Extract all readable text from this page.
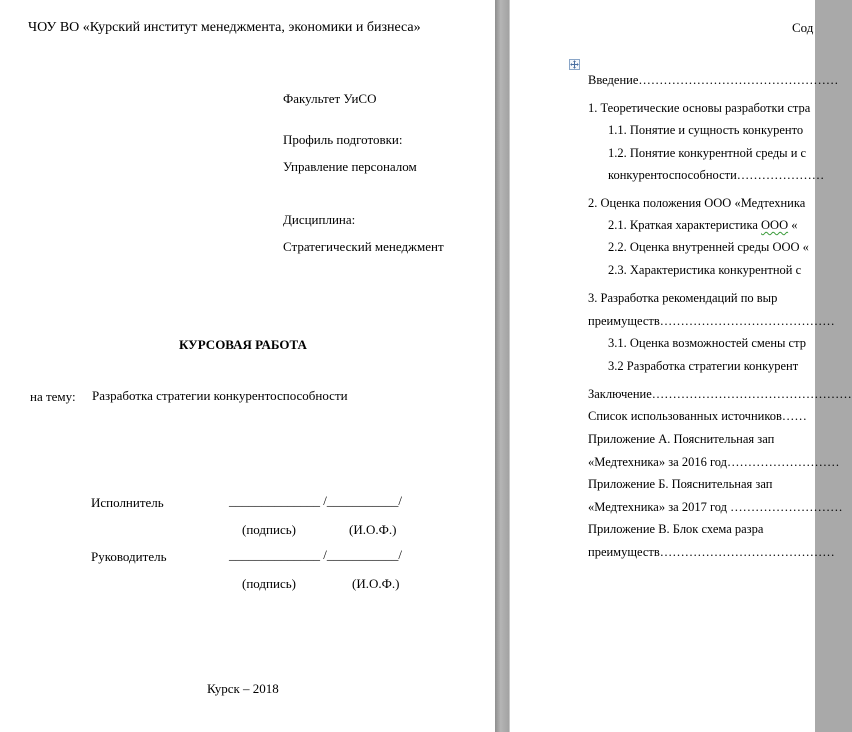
ЧОУ ВО «Курский институт менеджмента, экономики и бизнеса»
Факультет УиСО
Профиль подготовки:
Управление персоналом
Дисциплина:
Стратегический менеджмент
КУРСОВАЯ РАБОТА
на тему: Разработка стратегии конкурентоспособности
Исполнитель	______________ /___________/
(подпись)	(И.О.Ф.)
Руководитель	______________ /___________/
(подпись)	(И.О.Ф.)
Курск – 2018
Сод
Введение…………………………………………
1. Теоретические основы разработки стра
1.1. Понятие и сущность конкуренто
1.2. Понятие конкурентной среды и с
конкурентоспособности…………………
2. Оценка положения ООО «Медтехника
2.1. Краткая характеристика ООО «
2.2. Оценка внутренней среды ООО «
2.3. Характеристика конкурентной с
3. Разработка рекомендаций по выр
преимуществ……………………………………
3.1. Оценка возможностей смены стр
3.2 Разработка стратегии конкурент
Заключение…………………………………………
Список использованных источников……
Приложение А. Пояснительная зап
«Медтехника» за 2016 год………………………
Приложение Б. Пояснительная зап
«Медтехника» за 2017 год ………………………
Приложение В. Блок схема разра
преимуществ……………………………………
